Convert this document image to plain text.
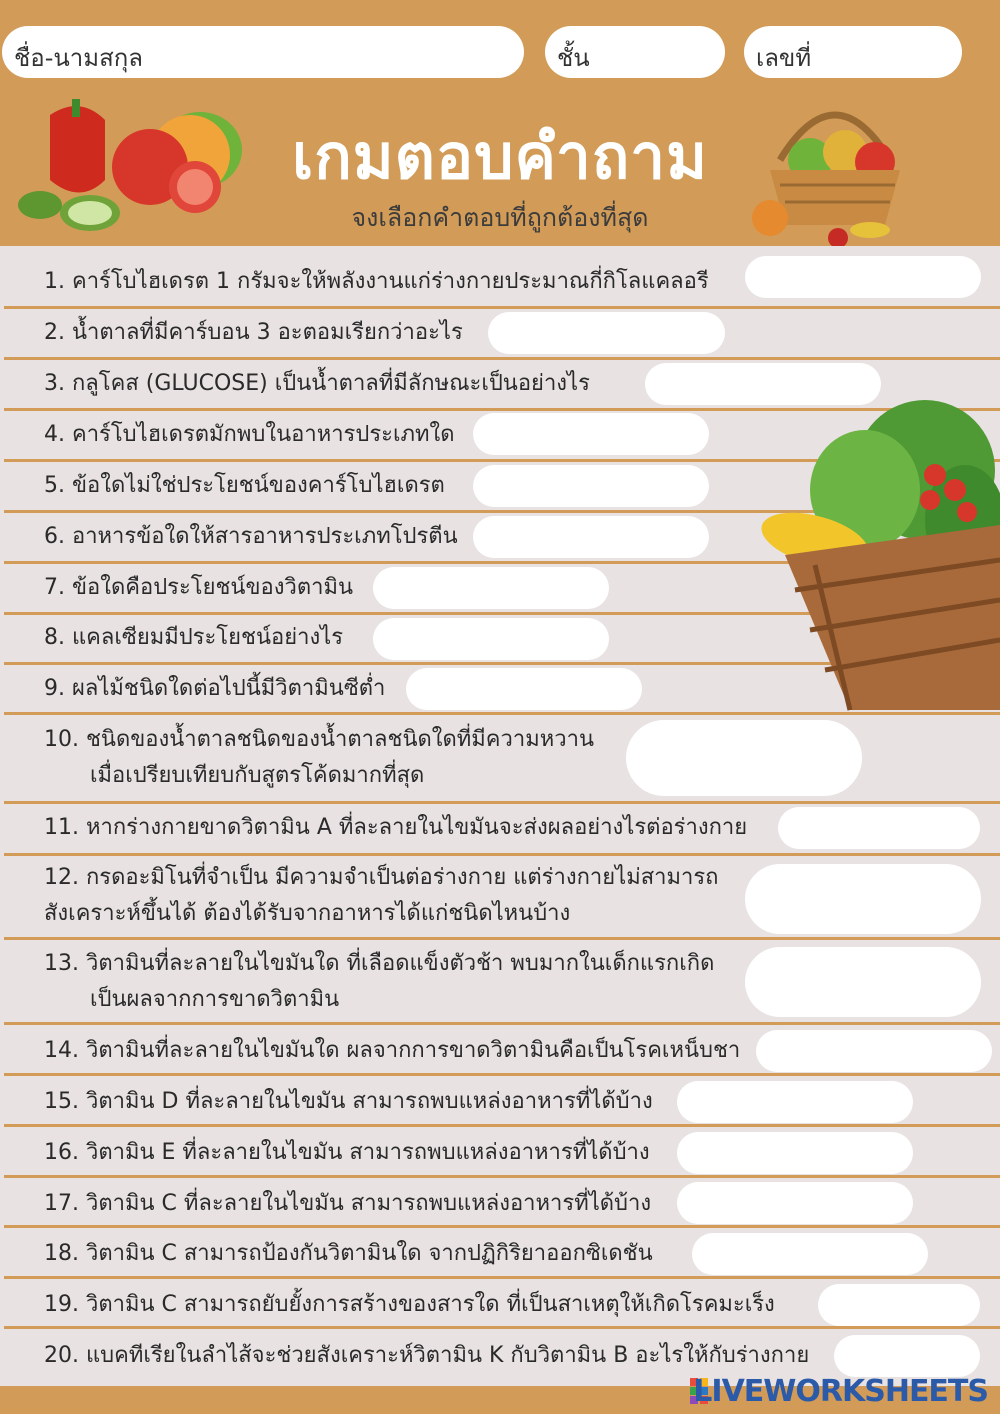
ชื่อ-นามสกุล	ชั้น	เลขที่
เกมตอบคำถาม
จงเลือกคำตอบที่ถูกต้องที่สุด
1. คาร์โบไฮเดรต 1 กรัมจะให้พลังงานแก่ร่างกายประมาณกี่กิโลแคลอรี
2. น้ำตาลที่มีคาร์บอน 3 อะตอมเรียกว่าอะไร
3. กลูโคส (GLUCOSE) เป็นน้ำตาลที่มีลักษณะเป็นอย่างไร
4. คาร์โบไฮเดรตมักพบในอาหารประเภทใด
5. ข้อใดไม่ใช่ประโยชน์ของคาร์โบไฮเดรต
6. อาหารข้อใดให้สารอาหารประเภทโปรตีน
7. ข้อใดคือประโยชน์ของวิตามิน
8. แคลเซียมมีประโยชน์อย่างไร
9. ผลไม้ชนิดใดต่อไปนี้มีวิตามินซีต่ำ
10. ชนิดของน้ำตาลชนิดของน้ำตาลชนิดใดที่มีความหวาน
เมื่อเปรียบเทียบกับสูตรโค้ดมากที่สุด
11. หากร่างกายขาดวิตามิน A ที่ละลายในไขมันจะส่งผลอย่างไรต่อร่างกาย
12. กรดอะมิโนที่จำเป็น มีความจำเป็นต่อร่างกาย แต่ร่างกายไม่สามารถ
สังเคราะห์ขึ้นได้ ต้องได้รับจากอาหารได้แก่ชนิดไหนบ้าง
13. วิตามินที่ละลายในไขมันใด ที่เลือดแข็งตัวช้า พบมากในเด็กแรกเกิด
เป็นผลจากการขาดวิตามิน
14. วิตามินที่ละลายในไขมันใด ผลจากการขาดวิตามินคือเป็นโรคเหน็บชา
15. วิตามิน D ที่ละลายในไขมัน สามารถพบแหล่งอาหารที่ได้บ้าง
16. วิตามิน E ที่ละลายในไขมัน สามารถพบแหล่งอาหารที่ได้บ้าง
17. วิตามิน C ที่ละลายในไขมัน สามารถพบแหล่งอาหารที่ได้บ้าง
18. วิตามิน C สามารถป้องกันวิตามินใด จากปฏิกิริยาออกซิเดชัน
19. วิตามิน C สามารถยับยั้งการสร้างของสารใด ที่เป็นสาเหตุให้เกิดโรคมะเร็ง
20. แบคทีเรียในลำไส้จะช่วยสังเคราะห์วิตามิน K กับวิตามิน B อะไรให้กับร่างกาย
LIVEWORKSHEETS
